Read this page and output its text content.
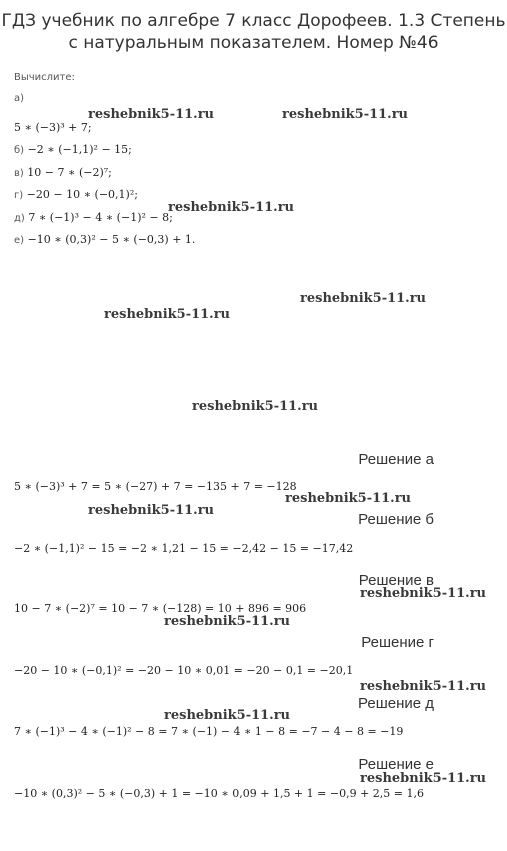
ГДЗ учебник по алгебре 7 класс Дорофеев. 1.3 Степень с натуральным показателем. Номер №46
Вычислите:
а)
5 ∗ (−3)³ + 7;
б) −2 ∗ (−1,1)² − 15;
в) 10 − 7 ∗ (−2)⁷;
г) −20 − 10 ∗ (−0,1)²;
д) 7 ∗ (−1)³ − 4 ∗ (−1)² − 8;
е) −10 ∗ (0,3)² − 5 ∗ (−0,3) + 1.
reshebnik5-11.ru	reshebnik5-11.ru
reshebnik5-11.ru
reshebnik5-11.ru
reshebnik5-11.ru
reshebnik5-11.ru
reshebnik5-11.ru
reshebnik5-11.ru
reshebnik5-11.ru
reshebnik5-11.ru
reshebnik5-11.ru
reshebnik5-11.ru
reshebnik5-11.ru
Решение а
5 ∗ (−3)³ + 7 = 5 ∗ (−27) + 7 = −135 + 7 = −128
Решение б
−2 ∗ (−1,1)² − 15 = −2 ∗ 1,21 − 15 = −2,42 − 15 = −17,42
Решение в
10 − 7 ∗ (−2)⁷ = 10 − 7 ∗ (−128) = 10 + 896 = 906
Решение г
−20 − 10 ∗ (−0,1)² = −20 − 10 ∗ 0,01 = −20 − 0,1 = −20,1
Решение д
7 ∗ (−1)³ − 4 ∗ (−1)² − 8 = 7 ∗ (−1) − 4 ∗ 1 − 8 = −7 − 4 − 8 = −19
Решение е
−10 ∗ (0,3)² − 5 ∗ (−0,3) + 1 = −10 ∗ 0,09 + 1,5 + 1 = −0,9 + 2,5 = 1,6
